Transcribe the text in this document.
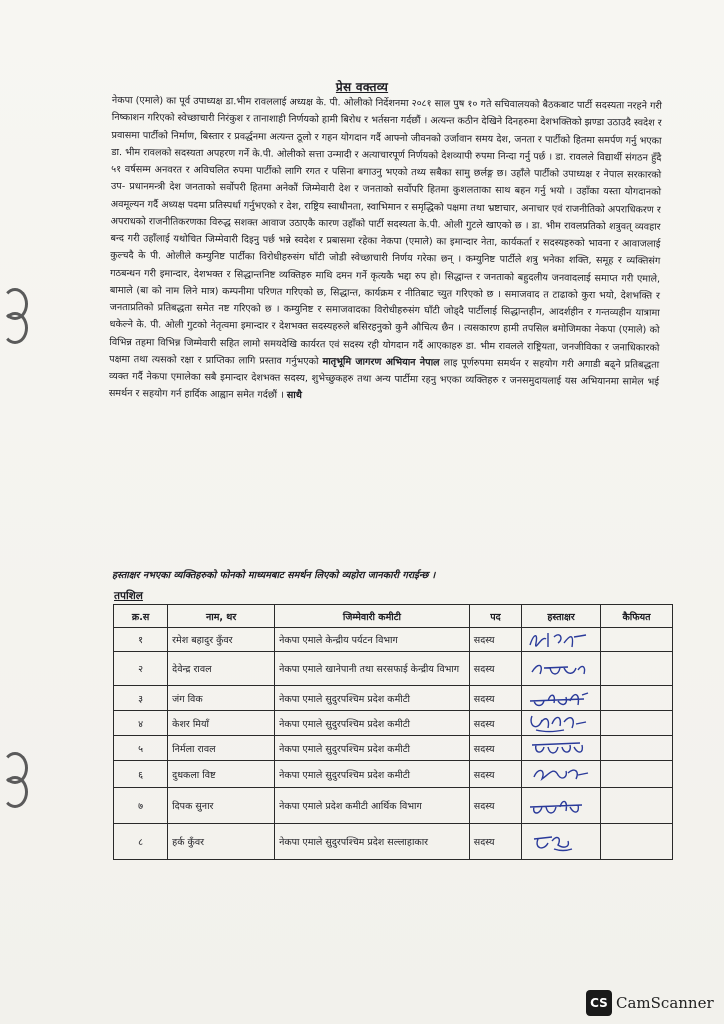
प्रेस वक्तव्य
नेकपा (एमाले) का पूर्व उपाध्यक्ष डा.भीम रावललाई अध्यक्ष के. पी. ओलीको निर्देशनमा २०८१ साल पुष १० गते सचिवालयको बैठकबाट पार्टी सदस्यता नरहने गरी निष्काशन गरिएको स्वेच्छाचारी निरंकुश र तानाशाही निर्णयको हामी बिरोध र भर्तसना गर्दछौं । अत्यन्त कठीन देखिने दिनहरुमा देशभक्तिको झण्डा उठाउदै स्वदेश र प्रवासमा पार्टीको निर्माण, बिस्तार र प्रवर्द्धनमा अत्यन्त ठूलो र गहन योगदान गर्दै आफ्नो जीवनको उर्जावान समय देश, जनता र पार्टीको हितमा समर्पण गर्नु भएका डा. भीम रावलको सदस्यता अपहरण गर्ने के.पी. ओलीको सत्ता उन्मादी र अत्याचारपूर्ण निर्णयको देशव्यापी रुपमा निन्दा गर्नु पर्छ । डा. रावलले विद्यार्थी संगठन हुँदै ५१ वर्षसम्म अनवरत र अविचलित रुपमा पार्टीको लागि रगत र पसिना बगाउनु भएको तथ्य सबैका सामु छर्लङ्ग छ। उहाँले पार्टीको उपाध्यक्ष र नेपाल सरकारको उप- प्रधानमन्त्री देश जनताको सर्वोपरी हितमा अनेकौं जिम्मेवारी देश र जनताको सर्वोपरि हितमा कुशलताका साथ बहन गर्नु भयो । उहाँका यस्ता योगदानको अवमूल्यन गर्दै अध्यक्ष पदमा प्रतिस्पर्धा गर्नुभएको र देश, राष्ट्रिय स्वाधीनता, स्वाभिमान र समृद्धिको पक्षमा तथा भ्रष्टाचार, अनाचार एवं राजनीतिको अपराधिकरण र अपराधको राजनीतिकरणका विरुद्ध सशक्त आवाज उठाएकै कारण उहाँको पार्टी सदस्यता के.पी. ओली गुटले खाएको छ । डा. भीम रावलप्रतिको शत्रुवत् व्यवहार बन्द गरी उहाँलाई यथोचित जिम्मेवारी दिइनु पर्छ भन्ने स्वदेश र प्रबासमा रहेका नेकपा (एमाले) का इमान्दार नेता, कार्यकर्ता र सदस्यहरुको भावना र आवाजलाई कुल्चदै के पी. ओलीले कम्युनिष्ट पार्टीका विरोधीहरुसंग घाँटी जोडी स्वेच्छाचारी निर्णय गरेका छन् । कम्युनिष्ट पार्टीले शत्रु भनेका शक्ति, समूह र व्यक्तिसंग गठबन्धन गरी इमान्दार, देशभक्त र सिद्धान्तनिष्ट व्यक्तिहरु माथि दमन गर्ने कृत्यकै भद्दा रुप हो। सिद्धान्त र जनताको बहुदलीय जनवादलाई समाप्त गरी एमाले, बामाले (बा को नाम लिने मात्र) कम्पनीमा परिणत गरिएको छ, सिद्धान्त, कार्यक्रम र नीतिबाट च्युत गरिएको छ । समाजवाद त टाढाको कुरा भयो, देशभक्ति र जनताप्रतिको प्रतिबद्धता समेत नष्ट गरिएको छ । कम्युनिष्ट र समाजवादका विरोधीहरुसंग घाँटी जोड्दै पार्टीलाई सिद्धान्तहीन, आदर्शहीन र गन्तव्यहीन यात्रामा धकेल्ने के. पी. ओली गुटको नेतृत्वमा इमान्दार र देशभक्त सदस्यहरुले बसिरहनुको कुनै औचित्य छैन । त्यसकारण हामी तपसिल बमोजिमका नेकपा (एमाले) को विभिन्न तहमा विभिन्न जिम्मेवारी सहित लामो समयदेखि कार्यरत एवं सदस्य रही योगदान गर्दै आएकाहरु डा. भीम रावलले राष्ट्रियता, जनजीविका र जनाधिकारको पक्षमा तथा त्यसको रक्षा र प्राप्तिका लागि प्रस्ताव गर्नुभएको मातृभूमि जागरण अभियान नेपाल लाइ पूर्णरुपमा समर्थन र सहयोग गरी अगाडी बढ्ने प्रतिबद्धता व्यक्त गर्दै नेकपा एमालेका सबै इमान्दार देशभक्त सदस्य, शुभेच्छुकहरु तथा अन्य पार्टीमा रहनु भएका व्यक्तिहरु र जनसमुदायलाई यस अभियानमा सामेल भई समर्थन र सहयोग गर्न हार्दिक आह्वान समेत गर्दछौं । साथै
हस्ताक्षर नभएका व्यक्तिहरुको फोनको माध्यमबाट समर्थन लिएको व्यहोरा जानकारी गराईन्छ ।
तपशिल
क्र.स	नाम, थर	जिम्मेवारी कमीटी	पद	हस्ताक्षर	कैफियत
१	रमेश बहादुर कुँवर	नेकपा एमाले केन्द्रीय पर्यटन विभाग	सदस्य	

२	देवेन्द्र रावल	नेकपा एमाले खानेपानी तथा सरसफाई केन्द्रीय विभाग	सदस्य	

३	जंग विक	नेकपा एमाले सुदुरपश्चिम प्रदेश कमीटी	सदस्य	

४	केशर मियाँ	नेकपा एमाले सुदुरपश्चिम प्रदेश कमीटी	सदस्य	

५	निर्मला रावल	नेकपा एमाले सुदुरपश्चिम प्रदेश कमीटी	सदस्य	

६	दुधकला विष्ट	नेकपा एमाले सुदुरपश्चिम प्रदेश कमीटी	सदस्य	

७	दिपक सुनार	नेकपा एमाले प्रदेश कमीटी आर्थिक विभाग	सदस्य	

८	हर्क कुँवर	नेकपा एमाले सुदुरपश्चिम प्रदेश सल्लाहाकार	सदस्य	

CS CamScanner
